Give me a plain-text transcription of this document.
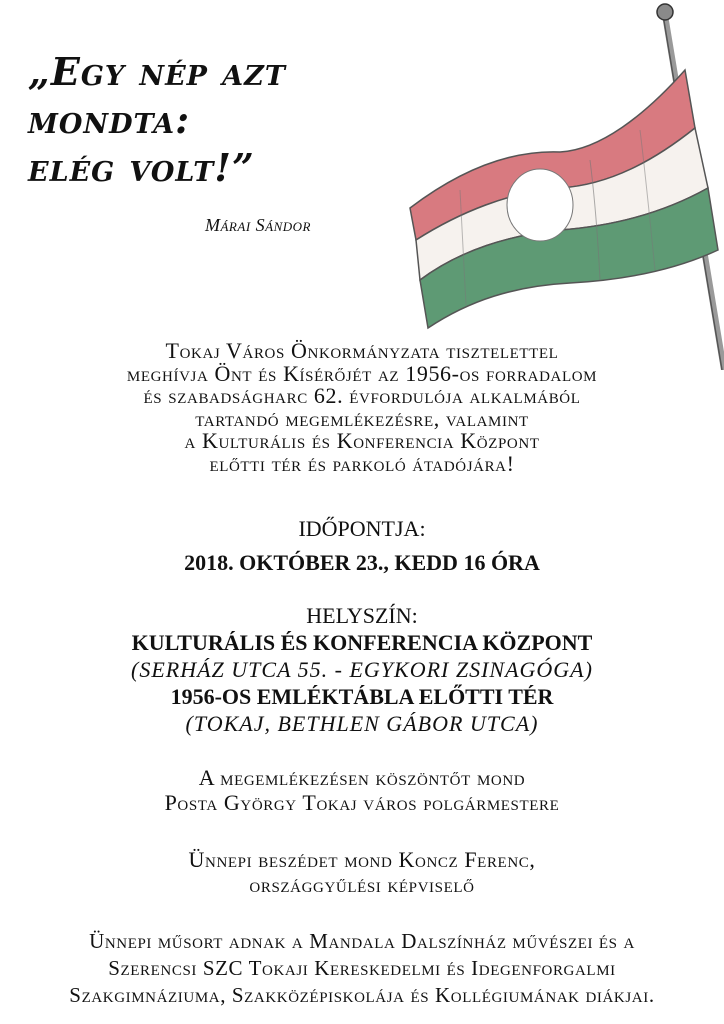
„Egy nép azt
mondta:
elég volt!”
Márai Sándor
Tokaj Város Önkormányzata tisztelettel
meghívja Önt és Kísérőjét az 1956-os forradalom
és szabadságharc 62. évfordulója alkalmából
tartandó megemlékezésre, valamint
a Kulturális és Konferencia Központ
előtti tér és parkoló átadójára!
IDŐPONTJA:
2018. OKTÓBER 23., KEDD 16 ÓRA
HELYSZÍN:
KULTURÁLIS ÉS KONFERENCIA KÖZPONT
(SERHÁZ UTCA 55. - EGYKORI ZSINAGÓGA)
1956-OS EMLÉKTÁBLA ELŐTTI TÉR
(TOKAJ, BETHLEN GÁBOR UTCA)
A megemlékezésen köszöntőt mond
Posta György Tokaj város polgármestere
Ünnepi beszédet mond Koncz Ferenc,
országgyűlési képviselő
Ünnepi műsort adnak a Mandala Dalszínház művészei és a
Szerencsi SZC Tokaji Kereskedelmi és Idegenforgalmi
Szakgimnáziuma, Szakközépiskolája és Kollégiumának diákjai.
